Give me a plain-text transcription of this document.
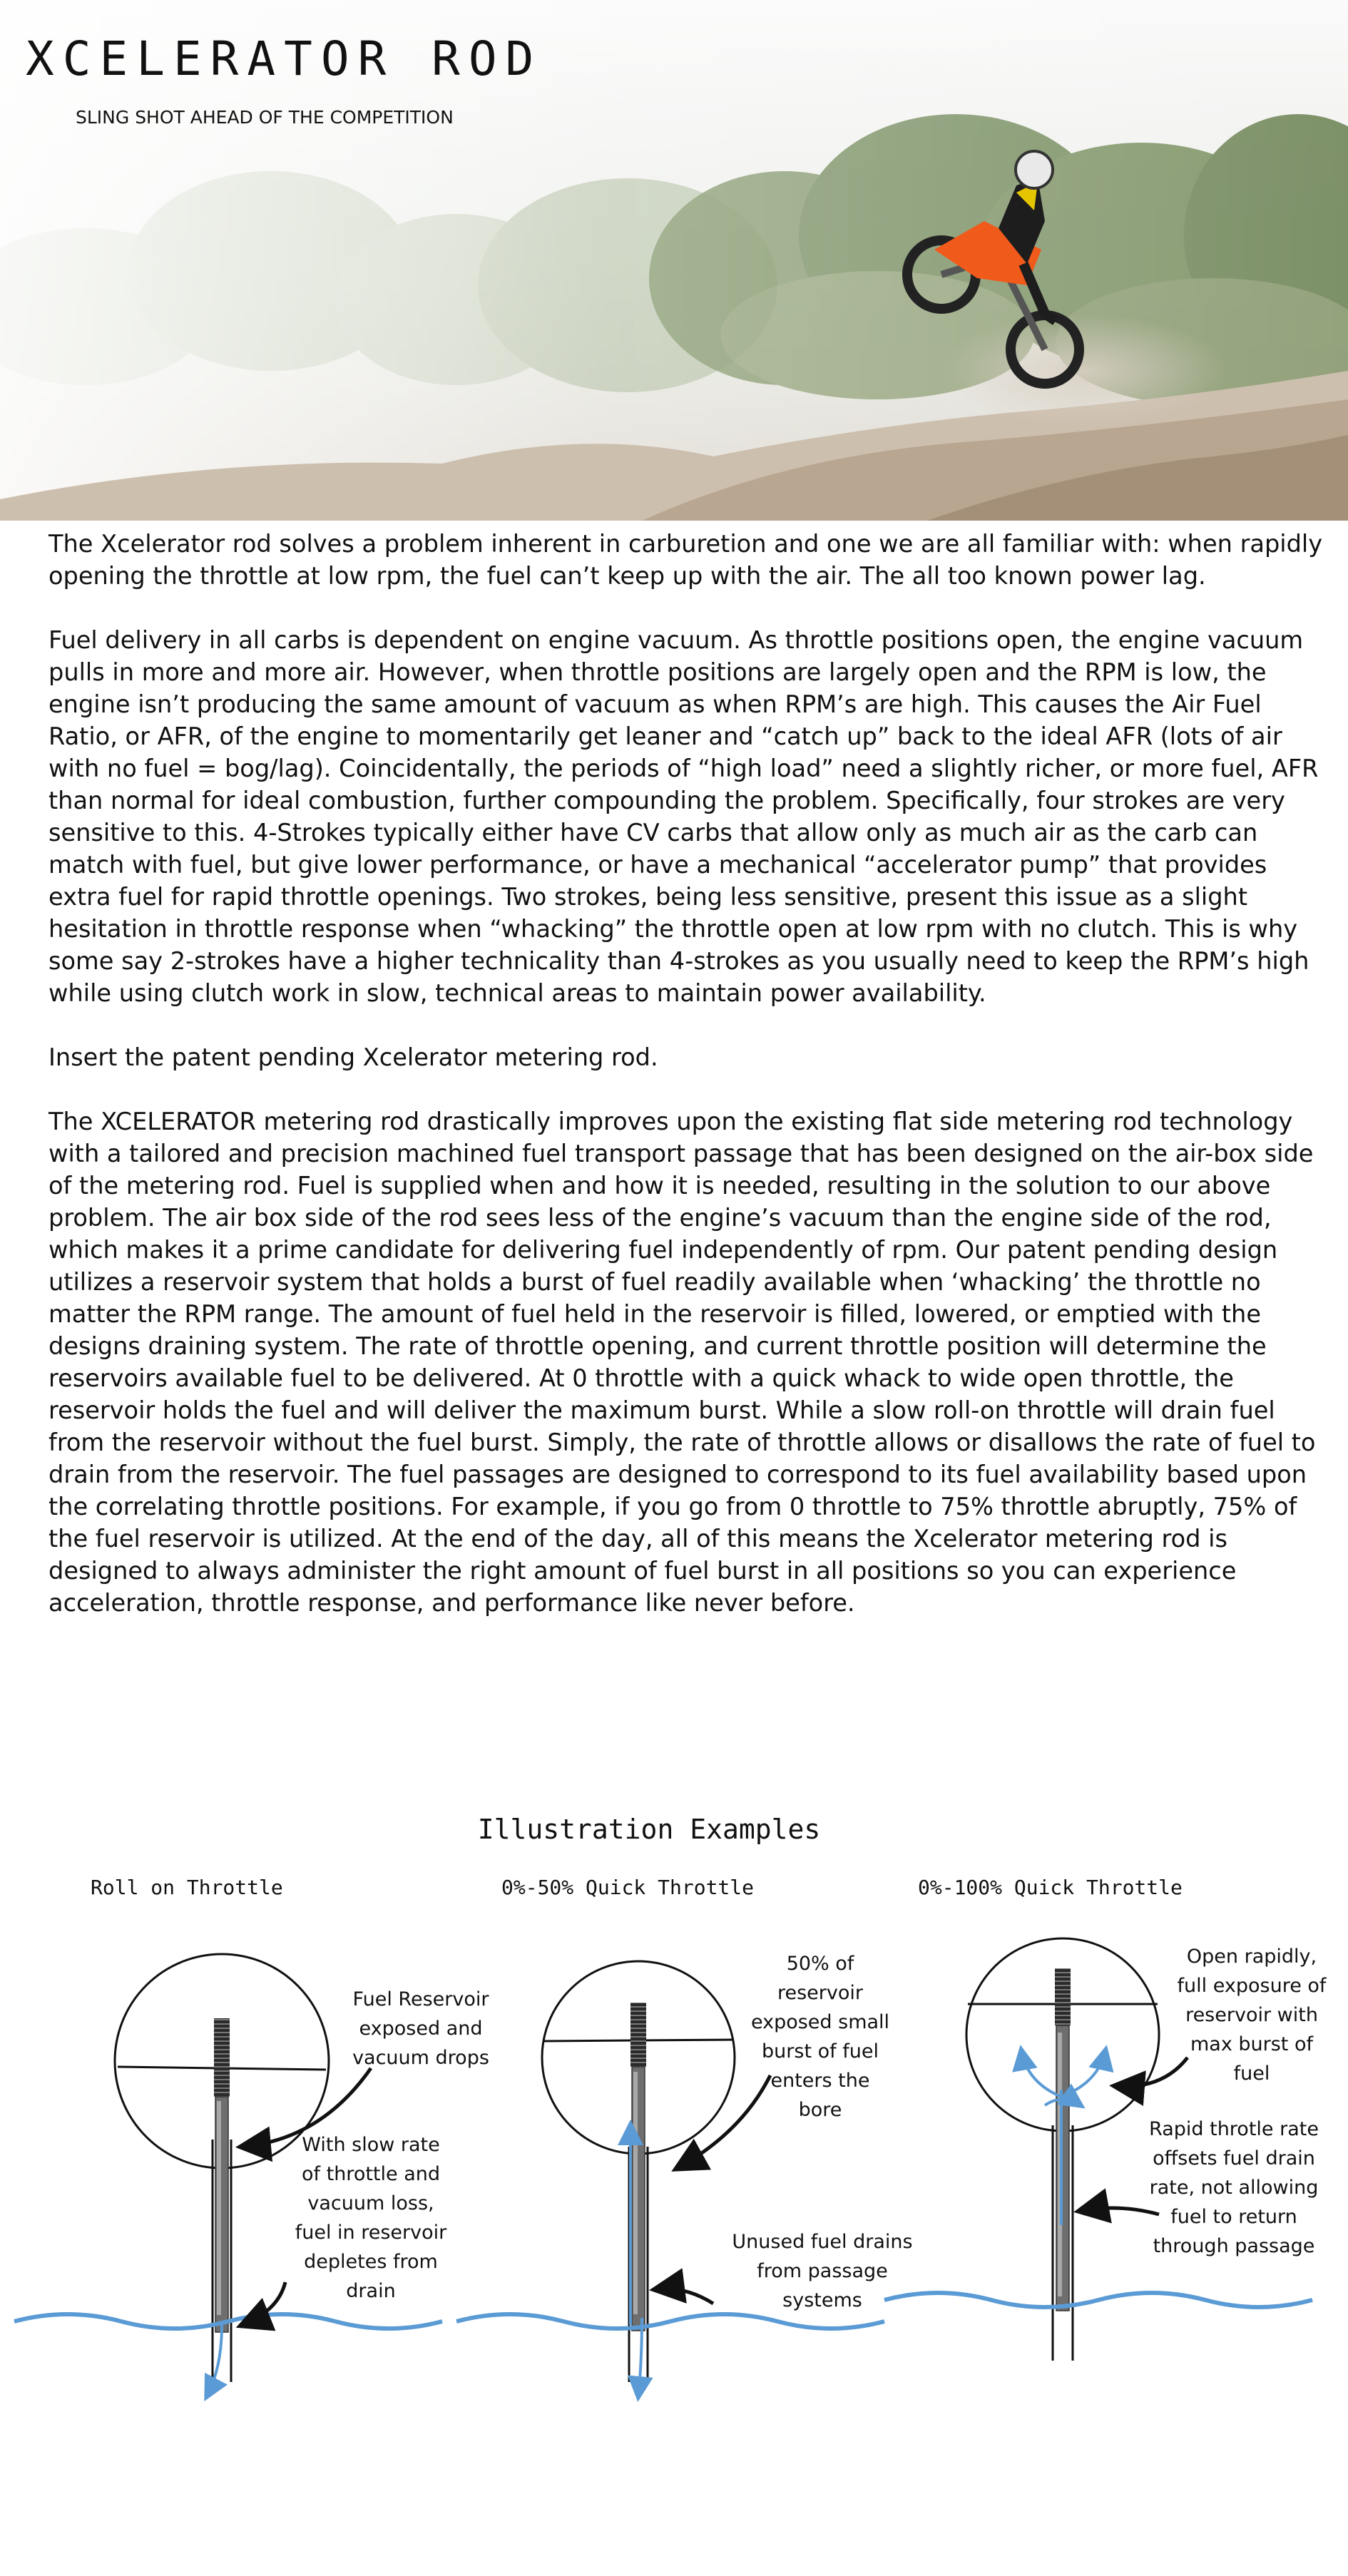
XCELERATOR ROD

SLING SHOT AHEAD OF THE COMPETITION

The Xcelerator rod solves a problem inherent in carburetion and one we are all familiar with: when rapidly opening the throttle at low rpm, the fuel can’t keep up with the air. The all too known power lag.

Fuel delivery in all carbs is dependent on engine vacuum. As throttle positions open, the engine vacuum pulls in more and more air. However, when throttle positions are largely open and the RPM is low, the engine isn’t producing the same amount of vacuum as when RPM’s are high. This causes the Air Fuel Ratio, or AFR, of the engine to momentarily get leaner and “catch up” back to the ideal AFR (lots of air with no fuel = bog/lag). Coincidentally, the periods of “high load” need a slightly richer, or more fuel, AFR than normal for ideal combustion, further compounding the problem. Specifically, four strokes are very sensitive to this. 4-Strokes typically either have CV carbs that allow only as much air as the carb can match with fuel, but give lower performance, or have a mechanical “accelerator pump” that provides extra fuel for rapid throttle openings. Two strokes, being less sensitive, present this issue as a slight hesitation in throttle response when “whacking” the throttle open at low rpm with no clutch. This is why some say 2-strokes have a higher technicality than 4-strokes as you usually need to keep the RPM’s high while using clutch work in slow, technical areas to maintain power availability.

Insert the patent pending Xcelerator metering rod.

The XCELERATOR metering rod drastically improves upon the existing flat side metering rod technology with a tailored and precision machined fuel transport passage that has been designed on the air-box side of the metering rod. Fuel is supplied when and how it is needed, resulting in the solution to our above problem. The air box side of the rod sees less of the engine’s vacuum than the engine side of the rod, which makes it a prime candidate for delivering fuel independently of rpm. Our patent pending design utilizes a reservoir system that holds a burst of fuel readily available when ‘whacking’ the throttle no matter the RPM range. The amount of fuel held in the reservoir is filled, lowered, or emptied with the designs draining system. The rate of throttle opening, and current throttle position will determine the reservoirs available fuel to be delivered. At 0 throttle with a quick whack to wide open throttle, the reservoir holds the fuel and will deliver the maximum burst. While a slow roll-on throttle will drain fuel from the reservoir without the fuel burst. Simply, the rate of throttle allows or disallows the rate of fuel to drain from the reservoir. The fuel passages are designed to correspond to its fuel availability based upon the correlating throttle positions. For example, if you go from 0 throttle to 75% throttle abruptly, 75% of the fuel reservoir is utilized. At the end of the day, all of this means the Xcelerator metering rod is designed to always administer the right amount of fuel burst in all positions so you can experience acceleration, throttle response, and performance like never before.

Illustration Examples
Roll on Throttle	0%-50% Quick Throttle	0%-100% Quick Throttle
Fuel Reservoir exposed and vacuum drops
With slow rate of throttle and vacuum loss, fuel in reservoir depletes from drain
50% of reservoir exposed small burst of fuel enters the bore
Unused fuel drains from passage systems
Open rapidly, full exposure of reservoir with max burst of fuel
Rapid throtle rate offsets fuel drain rate, not allowing fuel to return through passage
